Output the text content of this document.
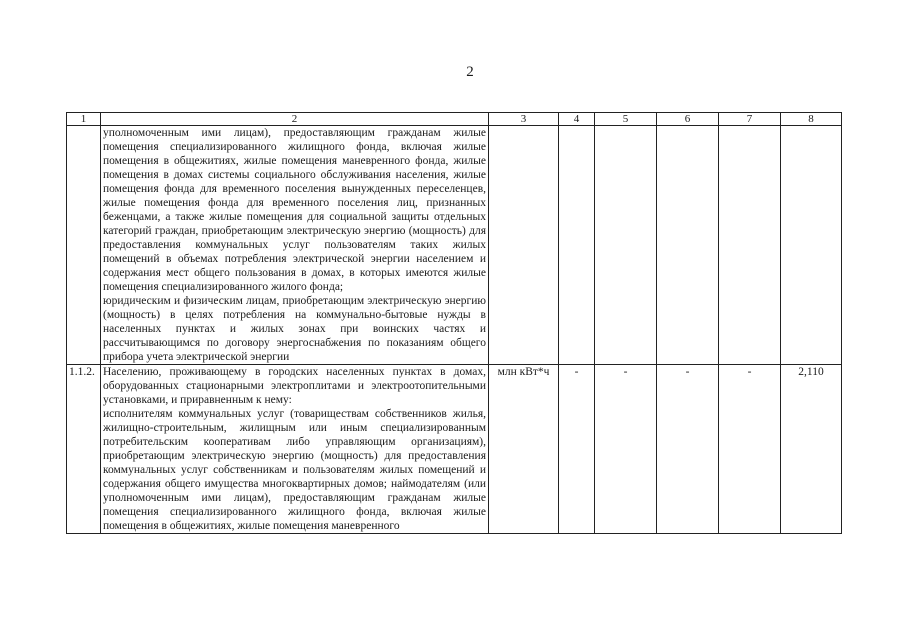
2
1	2	3	4	5	6	7	8

	уполномоченным ими лицам), предоставляющим гражданам жилые помещения специализированного жилищного фонда, включая жилые помещения в общежитиях, жилые помещения маневренного фонда, жилые помещения в домах системы социального обслуживания населения, жилые помещения фонда для временного поселения вынужденных переселенцев, жилые помещения фонда для временного поселения лиц, признанных беженцами, а также жилые помещения для социальной защиты отдельных категорий граждан, приобретающим электрическую энергию (мощность) для предоставления коммунальных услуг пользователям таких жилых помещений в объемах потребления электрической энергии населением и содержания мест общего пользования в домах, в которых имеются жилые помещения специализированного жилого фонда;
юридическим и физическим лицам, приобретающим электрическую энергию (мощность) в целях потребления на коммунально-бытовые нужды в населенных пунктах и жилых зонах при воинских частях и рассчитывающимся по договору энергоснабжения по показаниям общего прибора учета электрической энергии						

1.1.2.	Населению, проживающему в городских населенных пунктах в домах, оборудованных стационарными электроплитами и электроотопительными установками, и приравненным к нему:
исполнителям коммунальных услуг (товариществам собственников жилья, жилищно-строительным, жилищным или иным специализированным потребительским кооперативам либо управляющим организациям), приобретающим электрическую энергию (мощность) для предоставления коммунальных услуг собственникам и пользователям жилых помещений и содержания общего имущества многоквартирных домов; наймодателям (или уполномоченным ими лицам), предоставляющим гражданам жилые помещения специализированного жилищного фонда, включая жилые помещения в общежитиях, жилые помещения маневренного	млн кВт*ч	-	-	-	-	2,110
